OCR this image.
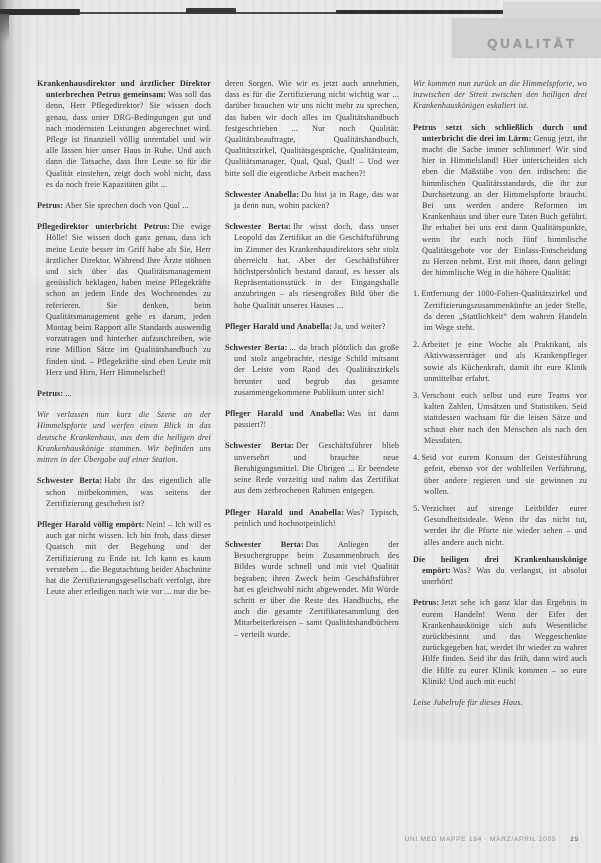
QUALITÄT

Krankenhausdirektor und ärztlicher Direktor unterbrechen Petrus gemeinsam: Was soll das denn, Herr Pflegedirektor? Sie wissen doch genau, dass unter DRG-Bedingungen gut und nach modernsten Leistungen abgerechnet wird. Pflege ist finanziell völlig unrentabel und wir alle lassen hier unser Haus in Ruhe. Und auch dann die Tatsache, dass Ihre Leute so für die Qualität einstehen, zeigt doch wohl nicht, dass es da noch freie Kapazitäten gibt ...

Petrus: Aber Sie sprechen doch von Qual ...

Pflegedirektor unterbricht Petrus: Die ewige Hölle! Sie wissen doch ganz genau, dass ich meine Leute besser im Griff habe als Sie, Herr ärztlicher Direktor. Während Ihre Ärzte stöhnen und sich über das Qualitätsmanagement genüsslich beklagen, haben meine Pflegekräfte schon an jedem Ende des Wochenendes zu referieren. Sie denken, beim Qualitätsmanagement gehe es darum, jeden Montag beim Rapport alle Standards auswendig vorzutragen und hinterher aufzuschreiben, wie eine Million Sätze im Qualitätshandbuch zu finden sind. – Pflegekräfte sind eben Leute mit Herz und Hirn, Herr Himmelschef!

Petrus: ...

Wir verlassen nun kurz die Szene an der Himmelspforte und werfen einen Blick in das deutsche Krankenhaus, aus dem die heiligen drei Krankenhauskönige stammen. Wir befinden uns mitten in der Übergabe auf einer Station.

Schwester Berta: Habt ihr das eigentlich alle schon mitbekommen, was seitens der Zertifizierung geschehen ist?

Pfleger Harald völlig empört: Nein! – Ich will es auch gar nicht wissen. Ich bin froh, dass dieser Quatsch mit der Begehung und der Zertifizierung zu Ende ist. Ich kann es kaum verstehen ... die Begutachtung beider Abschnitte hat die Zertifizierungsgesellschaft verfolgt, ihre Leute aber erledigen nach wie vor ... nur die be-

deren Sorgen. Wie wir es jetzt auch annehmen, dass es für die Zertifizierung nicht wichtig war ... darüber brauchen wir uns nicht mehr zu sprechen, das haben wir doch alles im Qualitätshandbuch festgeschrieben ... Nur noch Qualität: Qualitätsbeauftragte, Qualitätshandbuch, Qualitätszirkel, Qualitätsgespräche, Qualitätsteam, Qualitätsmanager, Qual, Qual, Qual! – Und wer bitte soll die eigentliche Arbeit machen?!

Schwester Anabella: Du bist ja in Rage, das war ja denn nun, wohin packen?

Schwester Berta: Ihr wisst doch, dass unser Leopold das Zertifikat an die Geschäftsführung im Zimmer des Krankenhausdirektors sehr stolz überreicht hat. Aber der Geschäftsführer höchstpersönlich bestand darauf, es besser als Repräsentationsstück in der Eingangshalle anzubringen – als riesengroßes Bild über die hohe Qualität unseres Hauses ...

Pfleger Harald und Anabella: Ja, und weiter?

Schwester Berta: ... da brach plötzlich das große und stolz angebrachte, riesige Schild mitsamt der Leiste vom Rand des Qualitätszirkels herunter und begrub das gesamte zusammengekommene Publikum unter sich!

Pfleger Harald und Anabella: Was ist dann passiert?!

Schwester Berta: Der Geschäftsführer blieb unversehrt und brauchte neue Beruhigungsmittel. Die Übrigen ... Er beendete seine Rede vorzeitig und nahm das Zertifikat aus dem zerbrochenen Rahmen entgegen.

Pfleger Harald und Anabella: Was? Typisch, peinlich und hochnotpeinlich!

Schwester Berta: Das Anliegen der Besuchergruppe beim Zusammenbruch des Bildes wurde schnell und mit viel Qualität begraben; ihren Zweck beim Geschäftsführer hat es gleichwohl nicht abgewendet. Mit Würde schritt er über die Reste des Handbuchs, ehe auch die gesamte Zertifikatesammlung den Mitarbeiterkreisen – samt Qualitätshandbüchern – verteilt wurde.

Wir kommen nun zurück an die Himmelspforte, wo inzwischen der Streit zwischen den heiligen drei Krankenhauskönigen eskaliert ist.

Petrus setzt sich schließlich durch und unterbricht die drei im Lärm: Genug jetzt, ihr macht die Sache immer schlimmer! Wir sind hier in Himmelsland! Hier unterscheiden sich eben die Maßstäbe von den irdischen: die himmlischen Qualitätsstandards, die ihr zur Durchsetzung an der Himmelspforte braucht. Bei uns werden andere Reformen im Krankenhaus und über eure Taten Buch geführt. Ihr erhaltet bei uns erst dann Qualitätspunkte, wenn ihr euch noch fünf himmlische Qualitätsgebote vor der Einlass-Entscheidung zu Herzen nehmt. Erst mit ihnen, dann gelingt der himmlische Weg in die höhere Qualität:

1. Entfernung der 1000-Folien-Qualitätszirkel und Zertifizierungszusammenkünfte an jeder Stelle, da deren „Stattlichkeit“ dem wahren Handeln im Wege steht.

2. Arbeitet je eine Woche als Praktikant, als Aktivwasserträger und als Krankenpfleger sowie als Küchenkraft, damit ihr eure Klinik unmittelbar erfahrt.

3. Verschont euch selbst und eure Teams vor kalten Zahlen, Umsätzen und Statistiken. Seid stattdessen wachsam für die leisen Sätze und schaut eher nach den Menschen als nach den Messdaten.

4. Seid vor eurem Konsum der Geistesführung gefeit, ebenso vor der wohlfeilen Verführung, über andere regieren und sie gewinnen zu wollen.

5. Verzichtet auf strenge Leitbilder eurer Gesundheitsideale. Wenn ihr das nicht tut, werdet ihr die Pforte nie wieder sehen – und alles andere auch nicht.

Die heiligen drei Krankenhauskönige empört: Was? Was du verlangst, ist absolut unerhört!

Petrus: Jetzt sehe ich ganz klar das Ergebnis in eurem Handeln! Wenn der Eifer der Krankenhauskönige sich aufs Wesentliche zurückbesinnt und das Weggeschenkte zurückgegeben hat, werdet ihr wieder zu wahrer Hilfe finden. Seid ihr das früh, dann wird auch die Hilfe zu eurer Klinik kommen – so eure Klinik! Und auch mit euch!

Leise Jubelrufe für dieses Haus.

UNI.MED MAPPE 184 · MÄRZ/APRIL 2005 25
